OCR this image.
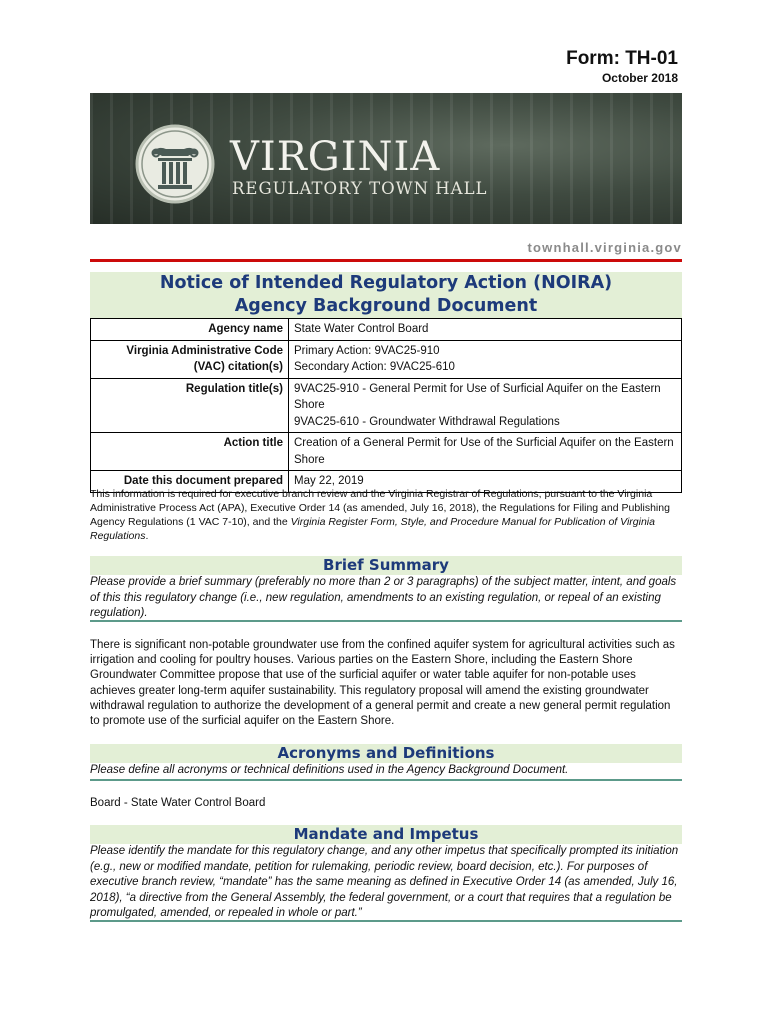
Form: TH-01
October 2018
VIRGINIA
REGULATORY TOWN HALL
townhall.virginia.gov
Notice of Intended Regulatory Action (NOIRA)
Agency Background Document
Agency name	State Water Control Board

Virginia Administrative Code (VAC) citation(s)	Primary Action: 9VAC25-910
Secondary Action: 9VAC25-610

Regulation title(s)	9VAC25-910 - General Permit for Use of Surficial Aquifer on the Eastern Shore
9VAC25-610 - Groundwater Withdrawal Regulations

Action title	Creation of a General Permit for Use of the Surficial Aquifer on the Eastern Shore

Date this document prepared	May 22, 2019
This information is required for executive branch review and the Virginia Registrar of Regulations, pursuant to the Virginia Administrative Process Act (APA), Executive Order 14 (as amended, July 16, 2018), the Regulations for Filing and Publishing Agency Regulations (1 VAC 7-10), and the Virginia Register Form, Style, and Procedure Manual for Publication of Virginia Regulations.
Brief Summary
Please provide a brief summary (preferably no more than 2 or 3 paragraphs) of the subject matter, intent, and goals of this this regulatory change (i.e., new regulation, amendments to an existing regulation, or repeal of an existing regulation).
There is significant non-potable groundwater use from the confined aquifer system for agricultural activities such as irrigation and cooling for poultry houses. Various parties on the Eastern Shore, including the Eastern Shore Groundwater Committee propose that use of the surficial aquifer or water table aquifer for non-potable uses achieves greater long-term aquifer sustainability. This regulatory proposal will amend the existing groundwater withdrawal regulation to authorize the development of a general permit and create a new general permit regulation to promote use of the surficial aquifer on the Eastern Shore.
Acronyms and Definitions
Please define all acronyms or technical definitions used in the Agency Background Document.
Board - State Water Control Board
Mandate and Impetus
Please identify the mandate for this regulatory change, and any other impetus that specifically prompted its initiation (e.g., new or modified mandate, petition for rulemaking, periodic review, board decision, etc.). For purposes of executive branch review, “mandate” has the same meaning as defined in Executive Order 14 (as amended, July 16, 2018), “a directive from the General Assembly, the federal government, or a court that requires that a regulation be promulgated, amended, or repealed in whole or part.”
